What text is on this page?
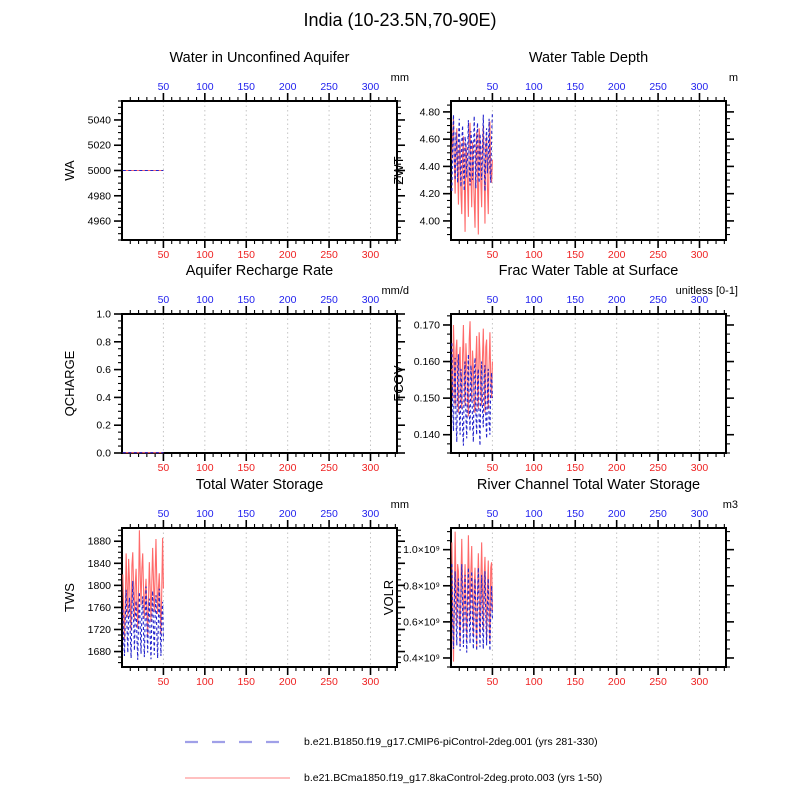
India (10-23.5N,70-90E)
50
50
100
100
150
150
200
200
250
250
300
300
4960
4980
5000
5020
5040
Water in Unconfined Aquifer
mm
WA
50
50
100
100
150
150
200
200
250
250
300
300
4.00
4.20
4.40
4.60
4.80
Water Table Depth
m
ZWT
50
50
100
100
150
150
200
200
250
250
300
300
0.0
0.2
0.4
0.6
0.8
1.0
Aquifer Recharge Rate
mm/d
QCHARGE
50
50
100
100
150
150
200
200
250
250
300
300
0.140
0.150
0.160
0.170
Frac Water Table at Surface
unitless [0-1]
FCOV
50
50
100
100
150
150
200
200
250
250
300
300
1680
1720
1760
1800
1840
1880
Total Water Storage
mm
TWS
50
50
100
100
150
150
200
200
250
250
300
300
0.4×10⁹
0.6×10⁹
0.8×10⁹
1.0×10⁹
River Channel Total Water Storage
m3
VOLR
b.e21.B1850.f19_g17.CMIP6-piControl-2deg.001 (yrs 281-330)
b.e21.BCma1850.f19_g17.8kaControl-2deg.proto.003 (yrs 1-50)
